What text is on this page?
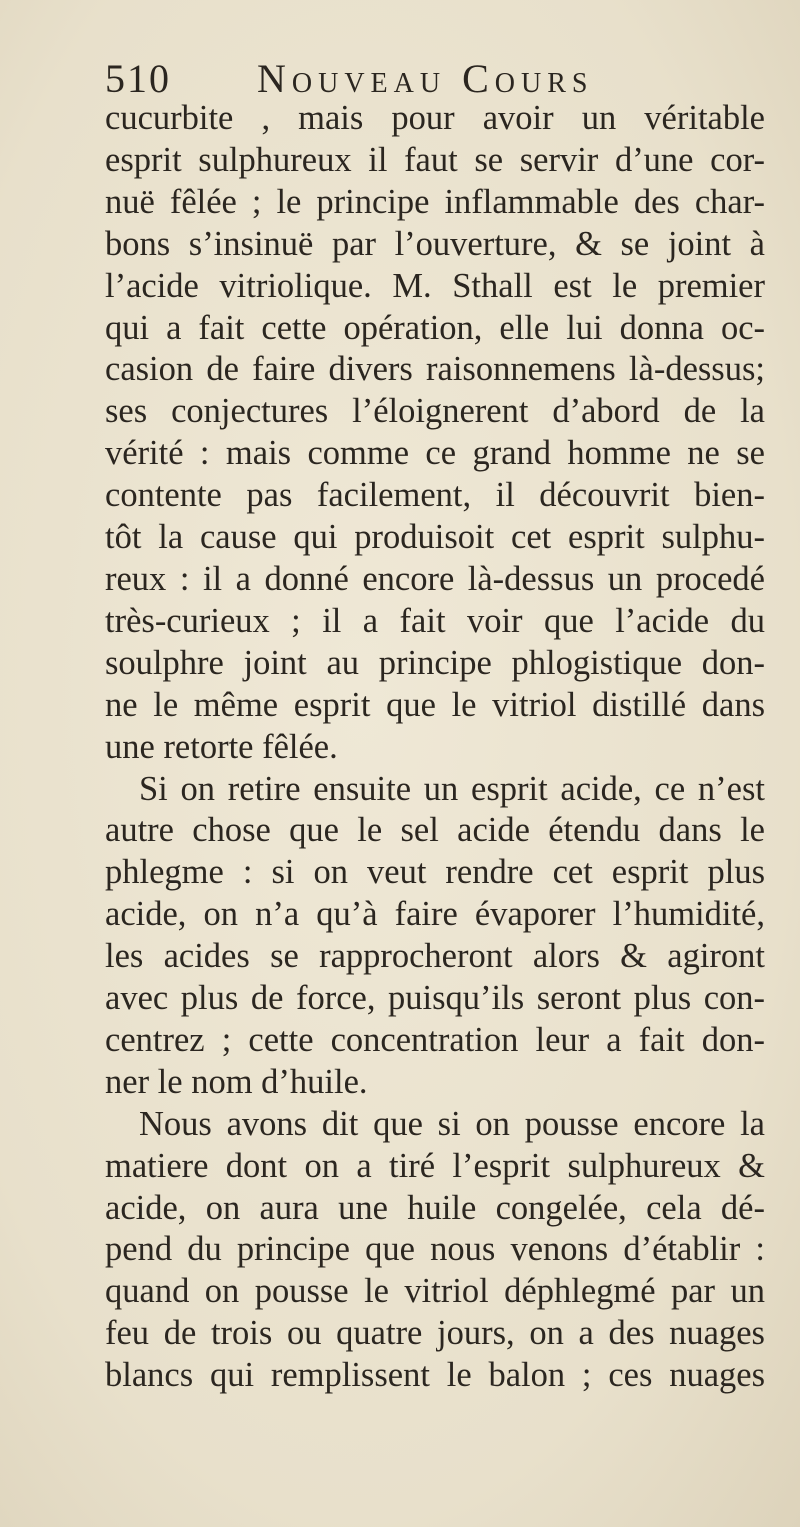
510 Nouveau Cours

cucurbite , mais pour avoir un véritable

esprit sulphureux il faut se servir d’une cor-

nuë fêlée ; le principe inflammable des char-

bons s’insinuë par l’ouverture, & se joint à

l’acide vitriolique. M. Sthall est le premier

qui a fait cette opération, elle lui donna oc-

casion de faire divers raisonnemens là-dessus;

ses conjectures l’éloignerent d’abord de la

vérité : mais comme ce grand homme ne se

contente pas facilement, il découvrit bien-

tôt la cause qui produisoit cet esprit sulphu-

reux : il a donné encore là-dessus un procedé

très-curieux ; il a fait voir que l’acide du

soulphre joint au principe phlogistique don-

ne le même esprit que le vitriol distillé dans

une retorte fêlée.

Si on retire ensuite un esprit acide, ce n’est

autre chose que le sel acide étendu dans le

phlegme : si on veut rendre cet esprit plus

acide, on n’a qu’à faire évaporer l’humidité,

les acides se rapprocheront alors & agiront

avec plus de force, puisqu’ils seront plus con-

centrez ; cette concentration leur a fait don-

ner le nom d’huile.

Nous avons dit que si on pousse encore la

matiere dont on a tiré l’esprit sulphureux &

acide, on aura une huile congelée, cela dé-

pend du principe que nous venons d’établir :

quand on pousse le vitriol déphlegmé par un

feu de trois ou quatre jours, on a des nuages

blancs qui remplissent le balon ; ces nuages
